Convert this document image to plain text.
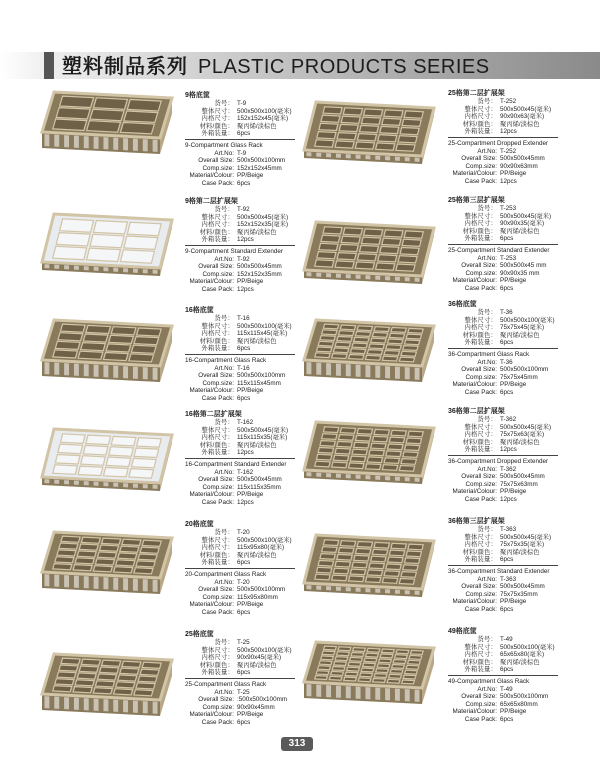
塑料制品系列 PLASTIC PRODUCTS SERIES
9格底筐
货号： T-9
整体尺寸： 500x500x100(毫米)
内格尺寸： 152x152x45(毫米)
材料/颜色： 聚丙烯/淡棕色
外箱装量： 6pcs
9-Compartment Glass Rack
Art.No: T-9
Overall Size: 500x500x100mm
Comp.size: 152x152x45mm
Material/Colour: PP/Beige
Case Pack: 6pcs
9格第二层扩展架
货号： T-92
整体尺寸： 500x500x45(毫米)
内格尺寸： 152x152x35(毫米)
材料/颜色： 聚丙烯/淡棕色
外箱装量： 12pcs
9-Compartment Standard Extender
Art.No: T-92
Overall Size: 500x500x45mm
Comp.size: 152x152x35mm
Material/Colour: PP/Beige
Case Pack: 12pcs
16格底筐
货号： T-16
整体尺寸： 500x500x100(毫米)
内格尺寸： 115x115x45(毫米)
材料/颜色： 聚丙烯/淡棕色
外箱装量： 6pcs
16-Compartment Glass Rack
Art.No: T-16
Overall Size: 500x500x100mm
Comp.size: 115x115x45mm
Material/Colour: PP/Beige
Case Pack: 6pcs
16格第二层扩展架
货号： T-162
整体尺寸： 500x500x45(毫米)
内格尺寸： 115x115x35(毫米)
材料/颜色： 聚丙烯/淡棕色
外箱装量： 12pcs
16-Compartment Standard Extender
Art.No: T-162
Overall Size: 500x500x45mm
Comp.size: 115x115x35mm
Material/Colour: PP/Beige
Case Pack: 12pcs
20格底筐
货号： T-20
整体尺寸： 500x500x100(毫米)
内格尺寸： 115x95x80(毫米)
材料/颜色： 聚丙烯/淡棕色
外箱装量： 6pcs
20-Compartment Glass Rack
Art.No: T-20
Overall Size: 500x500x100mm
Comp.size: 115x95x80mm
Material/Colour: PP/Beige
Case Pack: 6pcs
25格底筐
货号： T-25
整体尺寸： 500x500x100(毫米)
内格尺寸： 90x90x45(毫米)
材料/颜色： 聚丙烯/淡棕色
外箱装量： 6pcs
25-Compartment Glass Rack
Art.No: T-25
Overall Size: :500x500x100mm
Comp.size: 90x90x45mm
Material/Colour: PP/Beige
Case Pack: 6pcs
25格第二层扩展架
货号： T-252
整体尺寸： 500x500x45(毫米)
内格尺寸： 90x90x63(毫米)
材料/颜色： 聚丙烯/淡棕色
外箱装量： 12pcs
25-Compartment Dropped Extender
Art.No: T-252
Overall Size: 500x500x45mm
Comp.size: 90x90x63mm
Material/Colour: PP/Beige
Case Pack: 12pcs
25格第三层扩展架
货号： T-253
整体尺寸： 500x500x45(毫米)
内格尺寸： 90x90x35(毫米)
材料/颜色： 聚丙烯/淡棕色
外箱装量： 6pcs
25-Compartment Standard Extender
Art.No: T-253
Overall Size: 500x500x45 mm
Comp.size: 90x90x35 mm
Material/Colour: PP/Beige
Case Pack: 6pcs
36格底筐
货号： T-36
整体尺寸： 500x500x100(毫米)
内格尺寸： 75x75x45(毫米)
材料/颜色： 聚丙烯/淡棕色
外箱装量： 6pcs
36-Compartment Glass Rack
Art.No: T-36
Overall Size: 500x500x100mm
Comp.size: 75x75x45mm
Material/Colour: PP/Beige
Case Pack: 6pcs
36格第二层扩展架
货号： T-362
整体尺寸： 500x500x45(毫米)
内格尺寸： 75x75x63(毫米)
材料/颜色： 聚丙烯/淡棕色
外箱装量： 12pcs
36-Compartment Dropped Extender
Art.No: T-362
Overall Size: 500x500x45mm
Comp.size: 75x75x63mm
Material/Colour: PP/Beige
Case Pack: 12pcs
36格第三层扩展架
货号： T-363
整体尺寸： 500x500x45(毫米)
内格尺寸： 75x75x35(毫米)
材料/颜色： 聚丙烯/淡棕色
外箱装量： 6pcs
36-Compartment Standard Extender
Art.No: T-363
Overall Size: 500x500x45mm
Comp.size: 75x75x35mm
Material/Colour: PP/Beige
Case Pack: 6pcs
49格底筐
货号： T-49
整体尺寸： 500x500x100(毫米)
内格尺寸： 65x65x80(毫米)
材料/颜色： 聚丙烯/淡棕色
外箱装量： 6pcs
49-Compartment Glass Rack
Art.No: T-49
Overall Size: 500x500x100mm
Comp.size: 65x65x80mm
Material/Colour: PP/Beige
Case Pack: 6pcs
313
